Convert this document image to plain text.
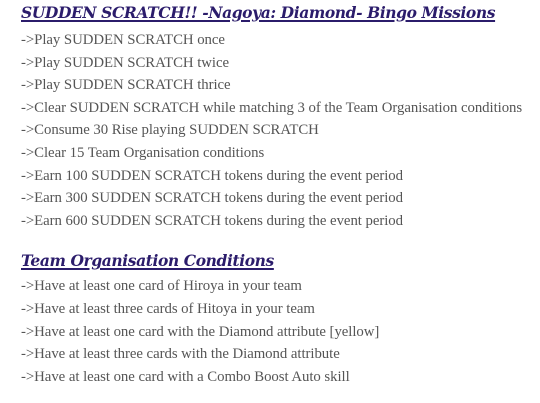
SUDDEN SCRATCH!! -Nagoya: Diamond- Bingo Missions
->Play SUDDEN SCRATCH once
->Play SUDDEN SCRATCH twice
->Play SUDDEN SCRATCH thrice
->Clear SUDDEN SCRATCH while matching 3 of the Team Organisation conditions
->Consume 30 Rise playing SUDDEN SCRATCH
->Clear 15 Team Organisation conditions
->Earn 100 SUDDEN SCRATCH tokens during the event period
->Earn 300 SUDDEN SCRATCH tokens during the event period
->Earn 600 SUDDEN SCRATCH tokens during the event period
Team Organisation Conditions
->Have at least one card of Hiroya in your team
->Have at least three cards of Hitoya in your team
->Have at least one card with the Diamond attribute [yellow]
->Have at least three cards with the Diamond attribute
->Have at least one card with a Combo Boost Auto skill
